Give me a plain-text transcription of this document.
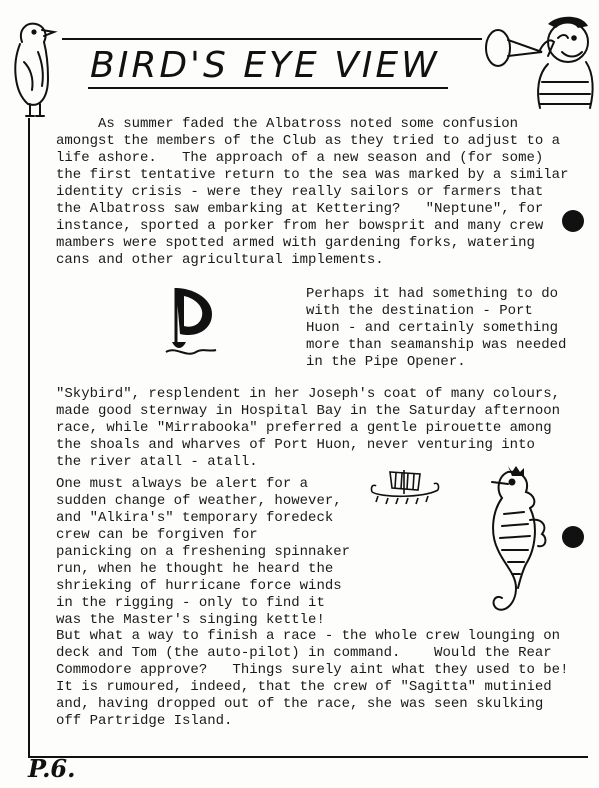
BIRD'S EYE VIEW

As summer faded the Albatross noted some confusion
amongst the members of the Club as they tried to adjust to a
life ashore.   The approach of a new season and (for some)
the first tentative return to the sea was marked by a similar
identity crisis - were they really sailors or farmers that
the Albatross saw embarking at Kettering?   "Neptune", for
instance, sported a porker from her bowsprit and many crew
mambers were spotted armed with gardening forks, watering
cans and other agricultural implements.

Perhaps it had something to do
with the destination - Port
Huon - and certainly something
more than seamanship was needed
in the Pipe Opener.

"Skybird", resplendent in her Joseph's coat of many colours,
made good sternway in Hospital Bay in the Saturday afternoon
race, while "Mirrabooka" preferred a gentle pirouette among
the shoals and wharves of Port Huon, never venturing into
the river atall - atall.

One must always be alert for a
sudden change of weather, however,
and "Alkira's" temporary foredeck
crew can be forgiven for
panicking on a freshening spinnaker
run, when he thought he heard the
shrieking of hurricane force winds
in the rigging - only to find it
was the Master's singing kettle!

But what a way to finish a race - the whole crew lounging on
deck and Tom (the auto-pilot) in command.    Would the Rear
Commodore approve?   Things surely aint what they used to be!
It is rumoured, indeed, that the crew of "Sagitta" mutinied
and, having dropped out of the race, she was seen skulking
off Partridge Island.

P.6.
